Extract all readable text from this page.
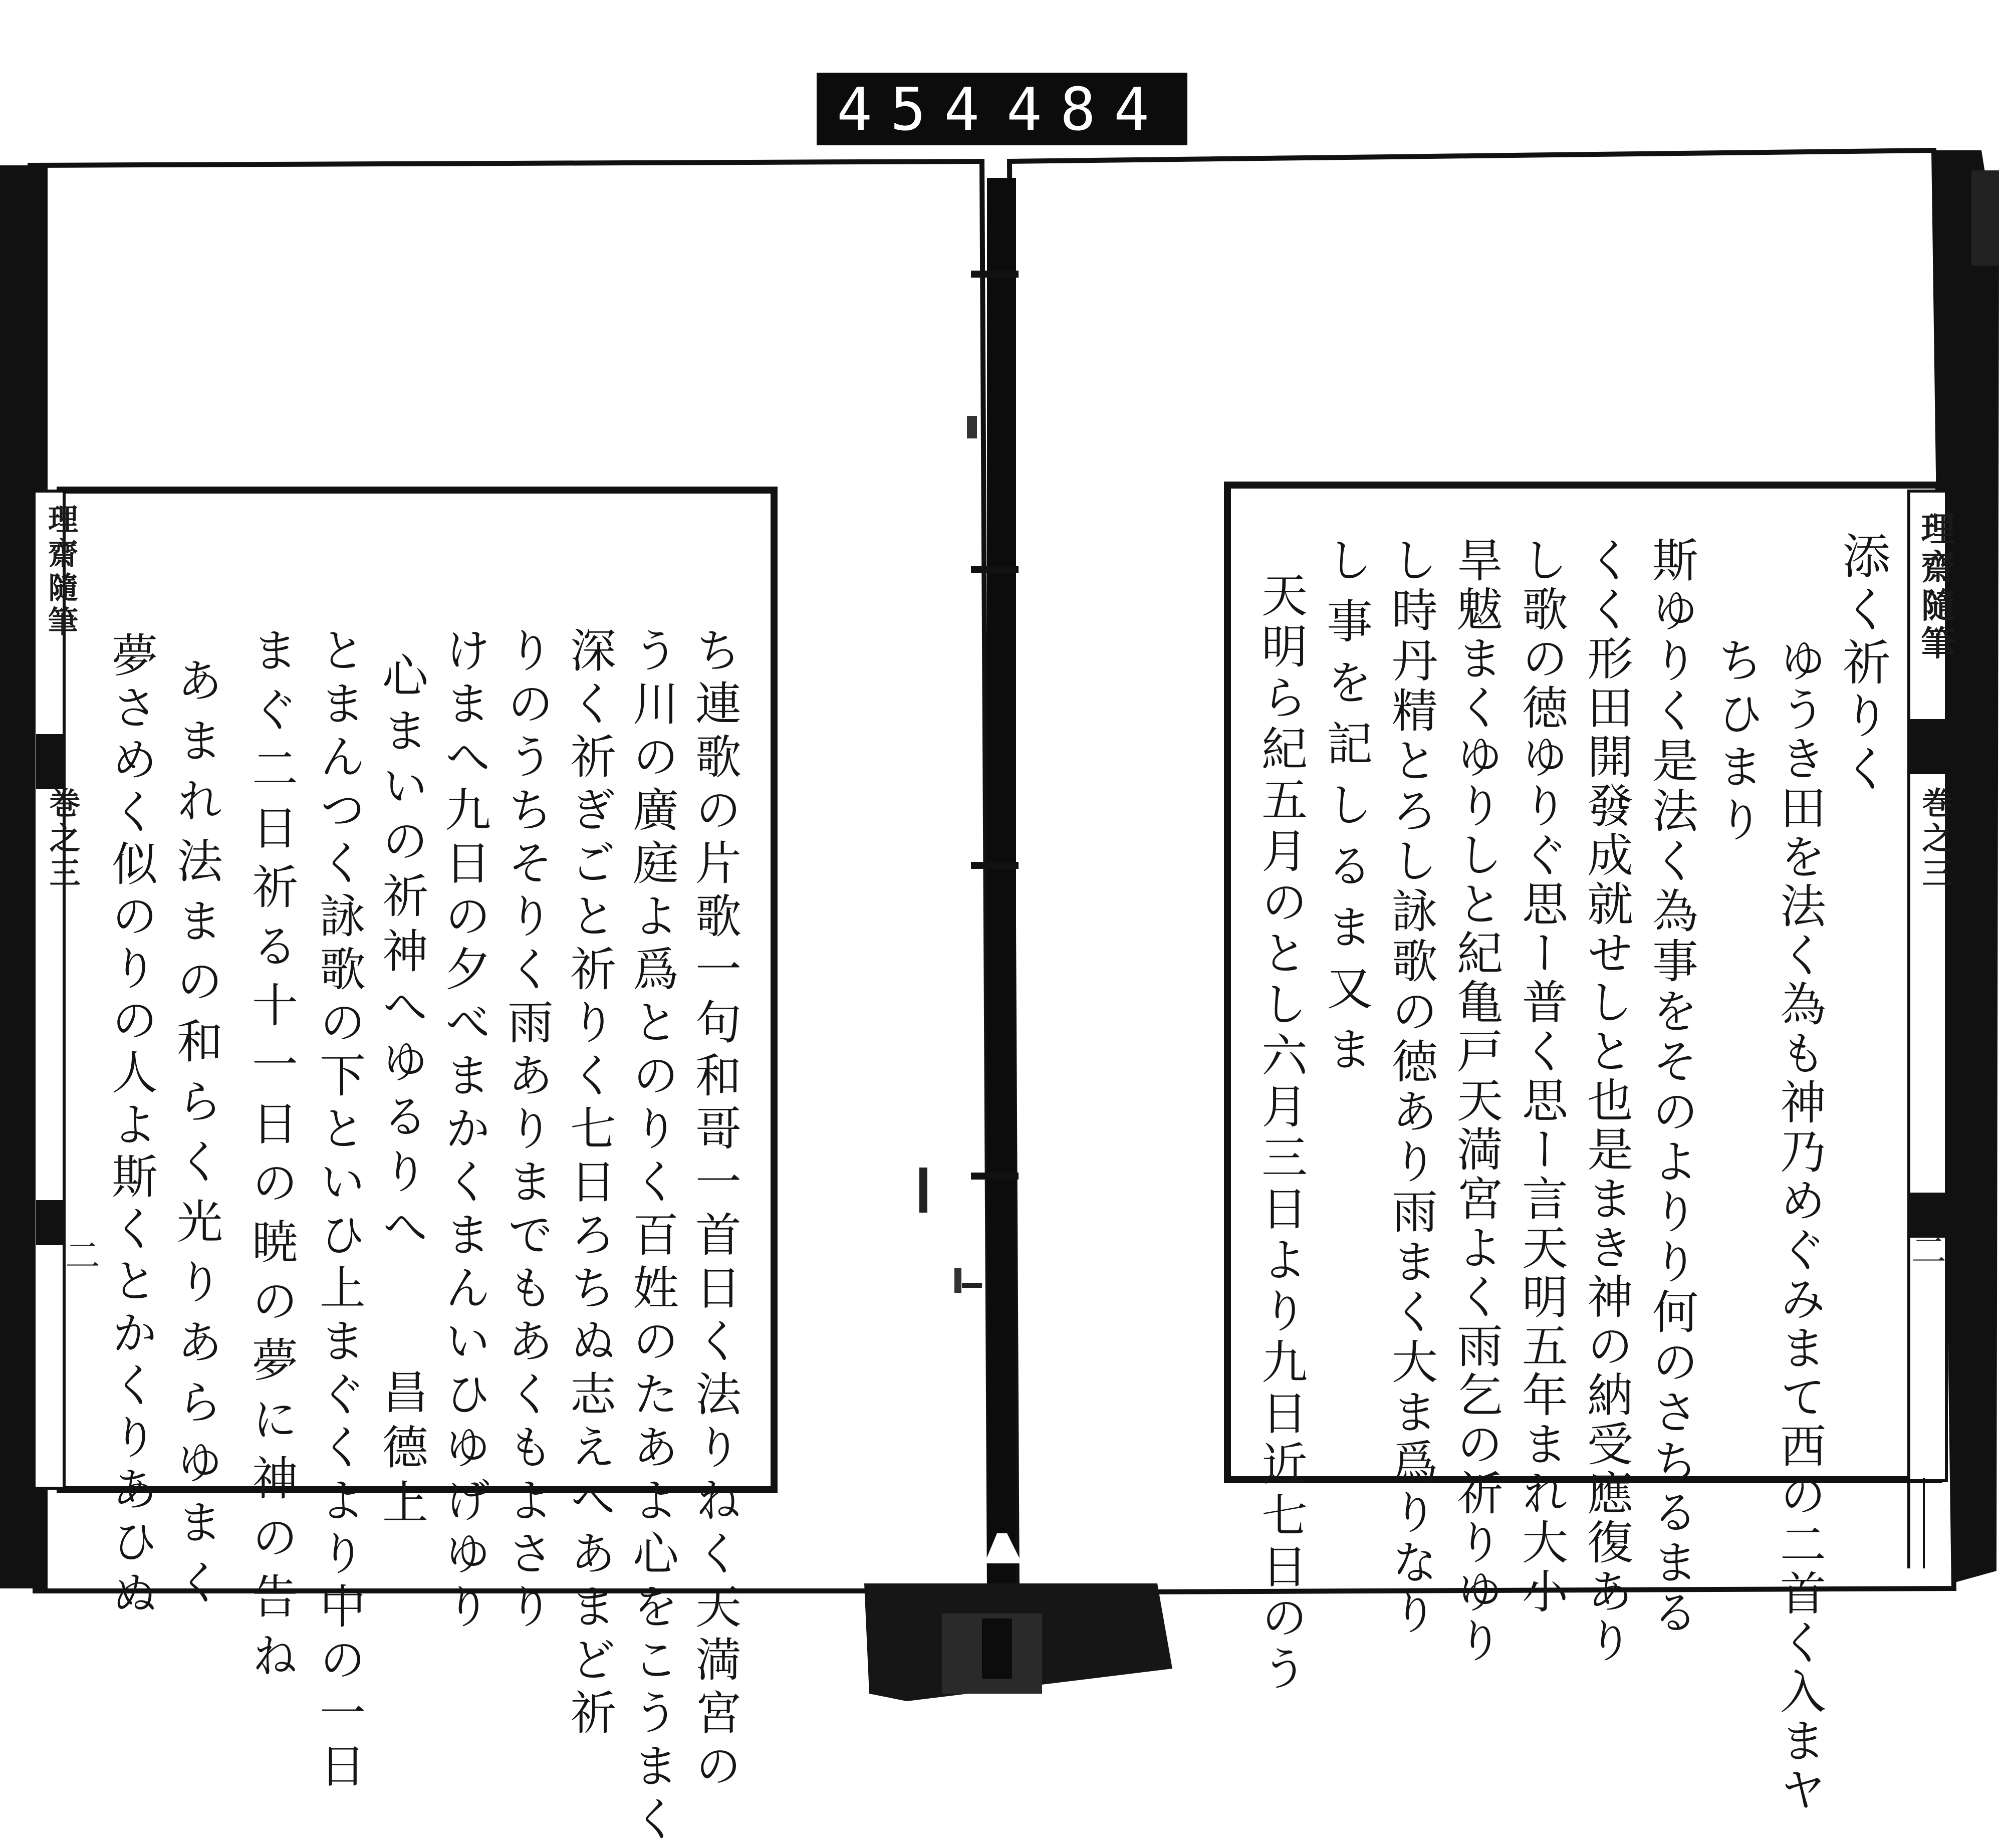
454 484
理齋隨筆
巻之三
二	ち連歌の片歌一句和哥一首日く法りねく天満宮の
う川の廣庭よ爲とのりく百姓のたあよ心をこうまく
深く祈ぎごと祈りく七日ろちぬ志えへあまど祈
りのうちそりく雨ありまでもあくもよさり
けまへ九日の夕べまかくまんいひゆげゆり
心まいの祈神へゆるりへ　　昌德上
とまんつく詠歌の下といひ上まぐくより中の一日
まぐ二日祈る十一日の暁の夢に神の告ね
あまれ法まの和らく光りあらゆまく
夢さめく似のりの人よ斯くとかくりあひぬ
理齋隨筆
巻之三
二
添く祈りく
ゆうき田を法く為も神乃めぐみまて西の二首く入まヤ
ちひまり
斯ゆりく是法く為事をそのよりり何のさちるまる
くく形田開發成就せしと也是まき神の納受應復あり
し歌の徳ゆりぐ思ー普く思ー言天明五年まれ大小
旱魃まくゆりしと紀亀戸天満宮よく雨乞の祈りゆり
し時丹精とろし詠歌の徳あり雨まく大ま爲りなり
し事を記しるま又ま
天明ら紀五月のとし六月三日より九日近七日のう
